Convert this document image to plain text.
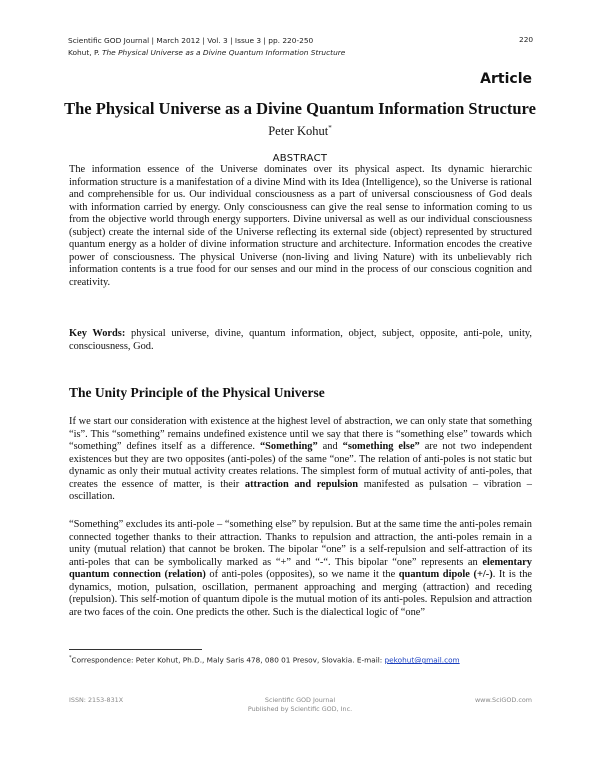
Scientific GOD Journal | March 2012 | Vol. 3 | Issue 3 | pp. 220-250
Kohut, P. The Physical Universe as a Divine Quantum Information Structure
220
Article
The Physical Universe as a Divine Quantum Information Structure
Peter Kohut*
ABSTRACT
The information essence of the Universe dominates over its physical aspect. Its dynamic hierarchic information structure is a manifestation of a divine Mind with its Idea (Intelligence), so the Universe is rational and comprehensible for us. Our individual consciousness as a part of universal consciousness of God deals with information carried by energy. Only consciousness can give the real sense to information coming to us from the objective world through energy supporters. Divine universal as well as our individual consciousness (subject) create the internal side of the Universe reflecting its external side (object) represented by structured quantum energy as a holder of divine information structure and architecture. Information encodes the creative power of consciousness. The physical Universe (non-living and living Nature) with its unbelievably rich information contents is a true food for our senses and our mind in the process of our conscious cognition and creativity.
Key Words: physical universe, divine, quantum information, object, subject, opposite, anti-pole, unity, consciousness, God.
The Unity Principle of the Physical Universe
If we start our consideration with existence at the highest level of abstraction, we can only state that something “is”. This “something” remains undefined existence until we say that there is “something else” towards which “something” defines itself as a difference. “Something” and “something else” are not two independent existences but they are two opposites (anti-poles) of the same “one”. The relation of anti-poles is not static but dynamic as only their mutual activity creates relations. The simplest form of mutual activity of anti-poles, that creates the essence of matter, is their attraction and repulsion manifested as pulsation – vibration – oscillation.
“Something” excludes its anti-pole – “something else” by repulsion. But at the same time the anti-poles remain connected together thanks to their attraction. Thanks to repulsion and attraction, the anti-poles remain in a unity (mutual relation) that cannot be broken. The bipolar “one” is a self-repulsion and self-attraction of its anti-poles that can be symbolically marked as “+” and “-“. This bipolar “one” represents an elementary quantum connection (relation) of anti-poles (opposites), so we name it the quantum dipole (+/-). It is the dynamics, motion, pulsation, oscillation, permanent approaching and merging (attraction) and receding (repulsion). This self-motion of quantum dipole is the mutual motion of its anti-poles. Repulsion and attraction are two faces of the coin. One predicts the other. Such is the dialectical logic of “one”
*Correspondence: Peter Kohut, Ph.D., Maly Saris 478, 080 01 Presov, Slovakia. E-mail: pekohut@gmail.com
ISSN: 2153-831X	Scientific GOD Journal
Published by Scientific GOD, Inc.
www.SciGOD.com
